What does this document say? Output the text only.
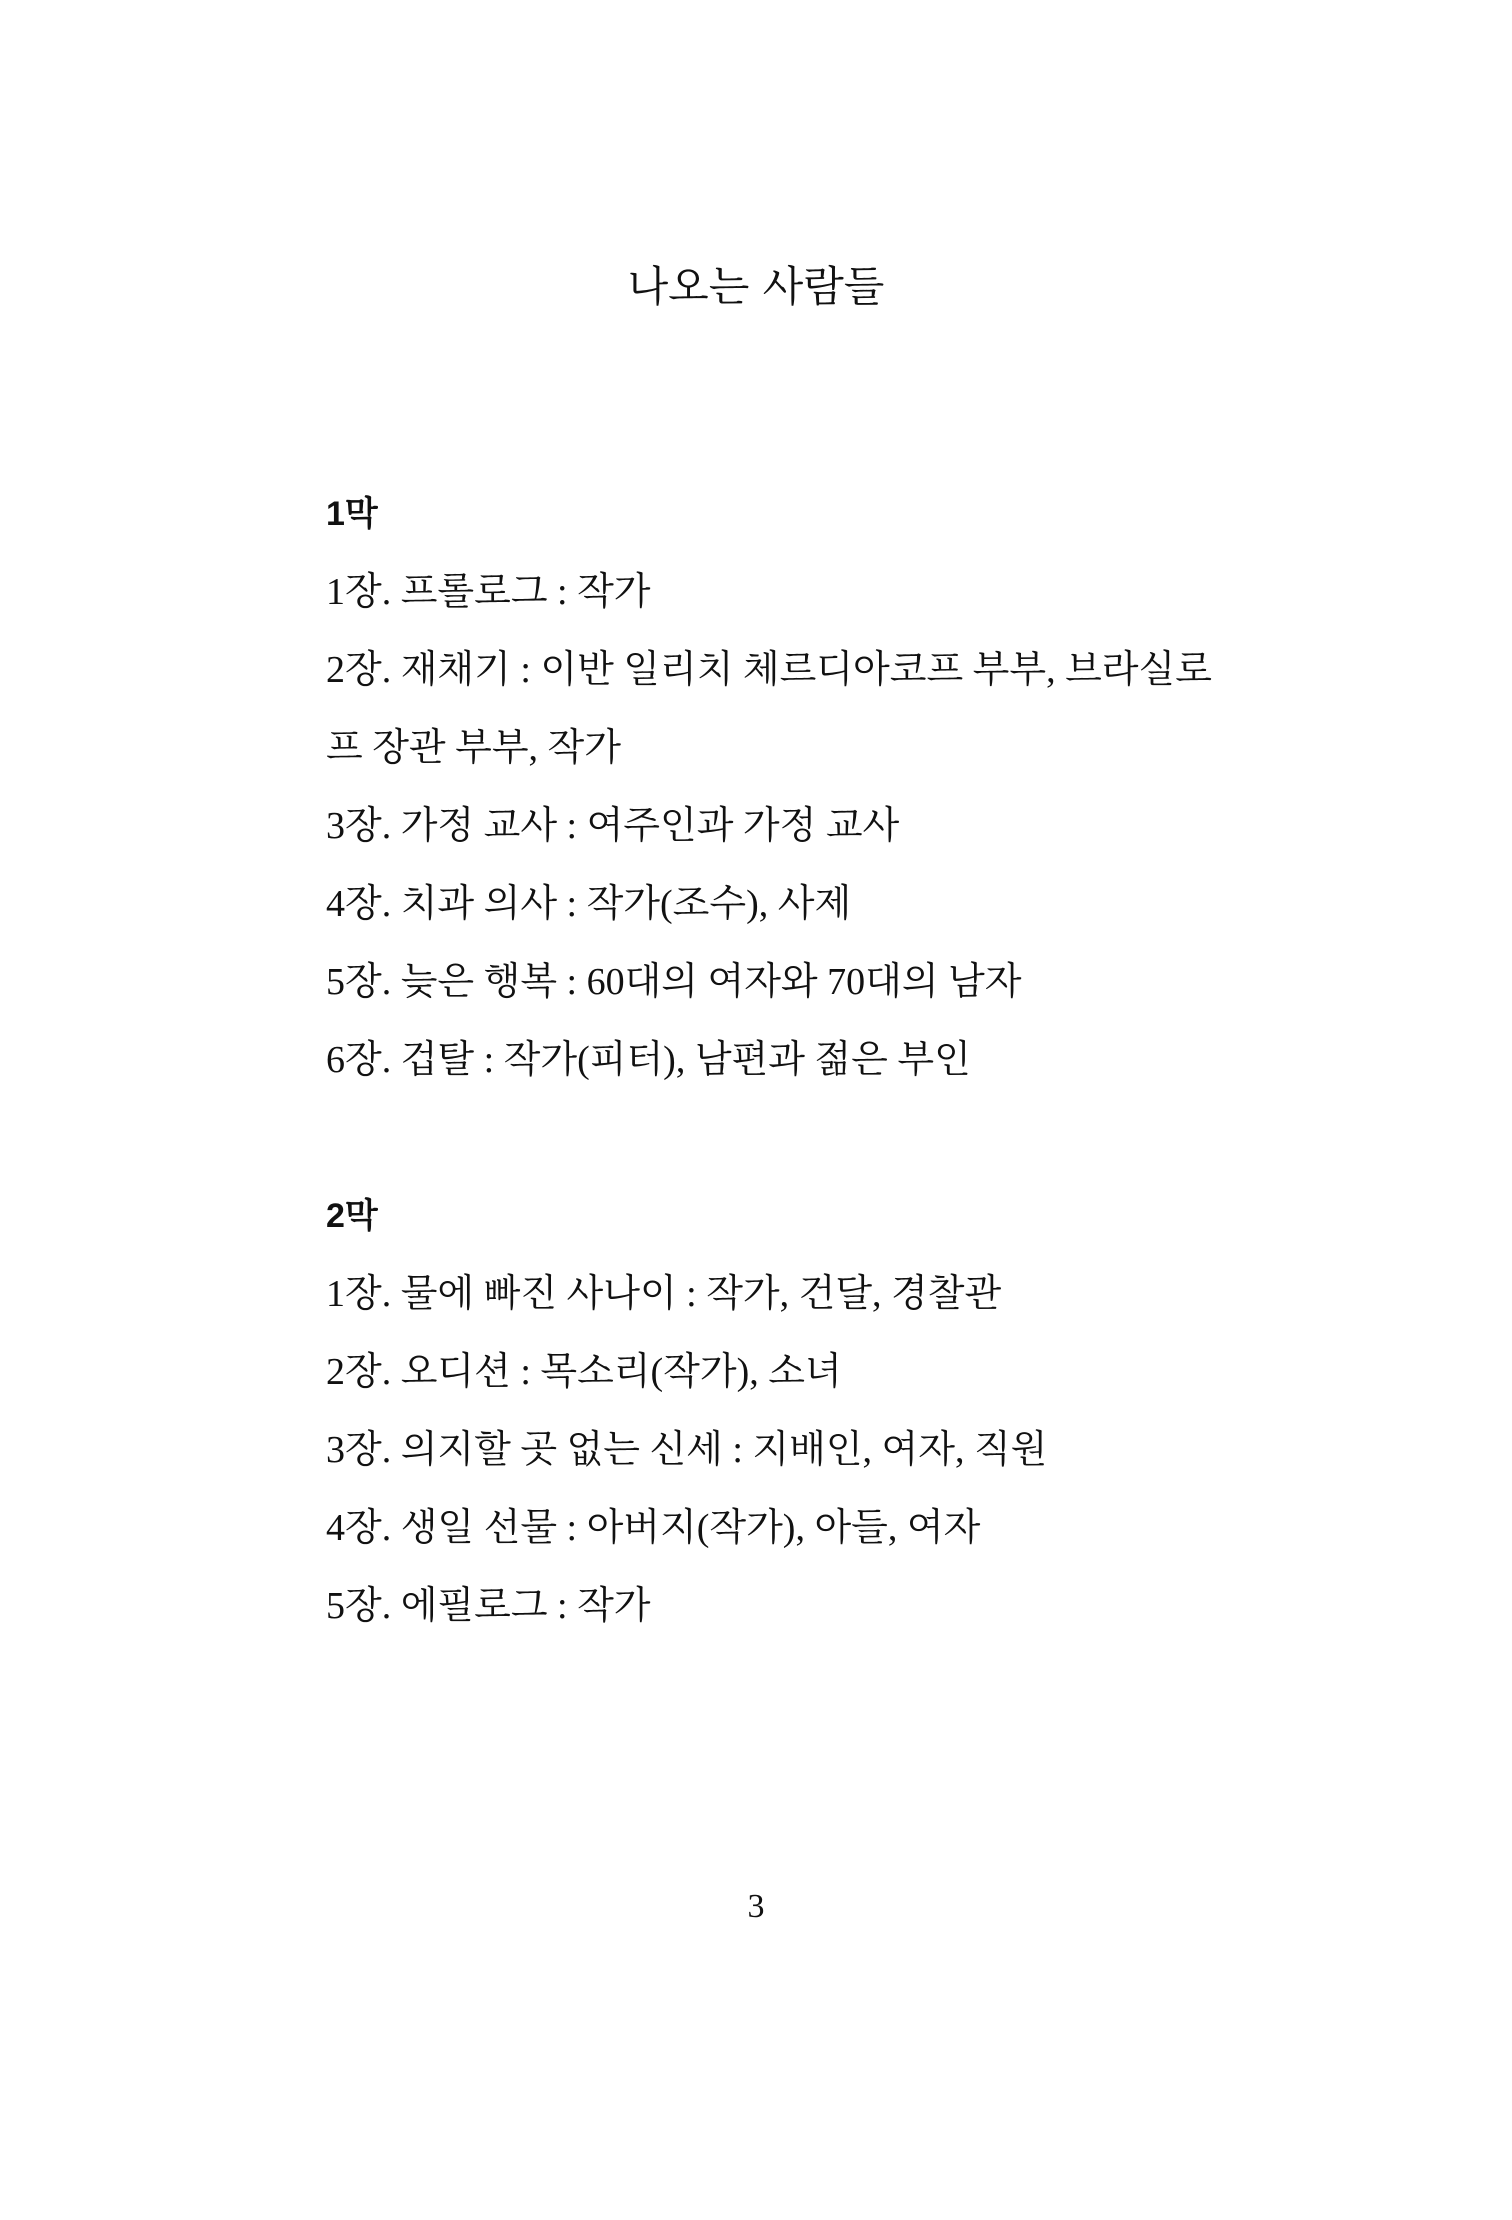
나오는 사람들
1막
1장. 프롤로그 : 작가
2장. 재채기 : 이반 일리치 체르디아코프 부부, 브라실로
프 장관 부부, 작가
3장. 가정 교사 : 여주인과 가정 교사
4장. 치과 의사 : 작가(조수), 사제
5장. 늦은 행복 : 60대의 여자와 70대의 남자
6장. 겁탈 : 작가(피터), 남편과 젊은 부인
2막
1장. 물에 빠진 사나이 : 작가, 건달, 경찰관
2장. 오디션 : 목소리(작가), 소녀
3장. 의지할 곳 없는 신세 : 지배인, 여자, 직원
4장. 생일 선물 : 아버지(작가), 아들, 여자
5장. 에필로그 : 작가
3
